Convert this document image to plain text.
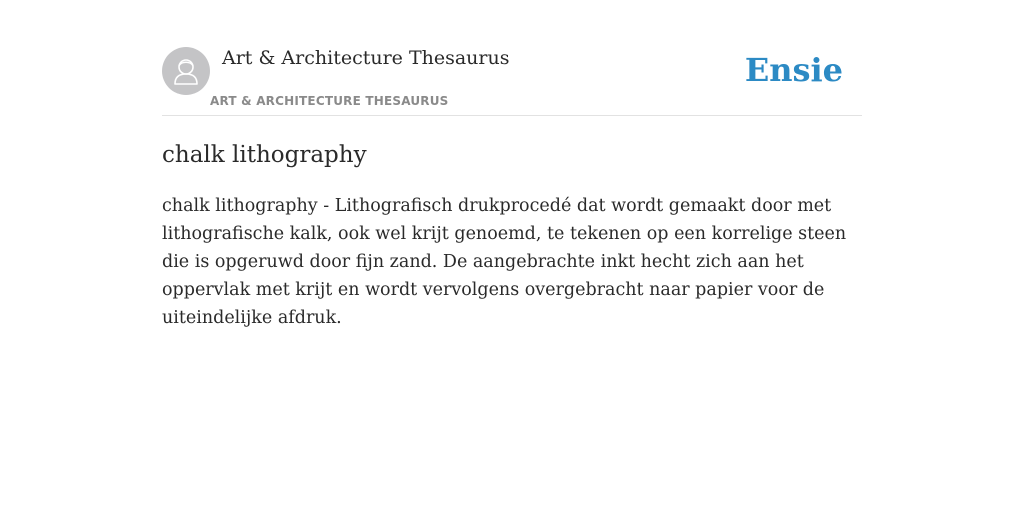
Art & Architecture Thesaurus
ART & ARCHITECTURE THESAURUS
Ensie
chalk lithography

chalk lithography - Lithografisch drukprocedé dat wordt gemaakt door met lithografische kalk, ook wel krijt genoemd, te tekenen op een korrelige steen die is opgeruwd door fijn zand. De aangebrachte inkt hecht zich aan het oppervlak met krijt en wordt vervolgens overgebracht naar papier voor de uiteindelijke afdruk.
